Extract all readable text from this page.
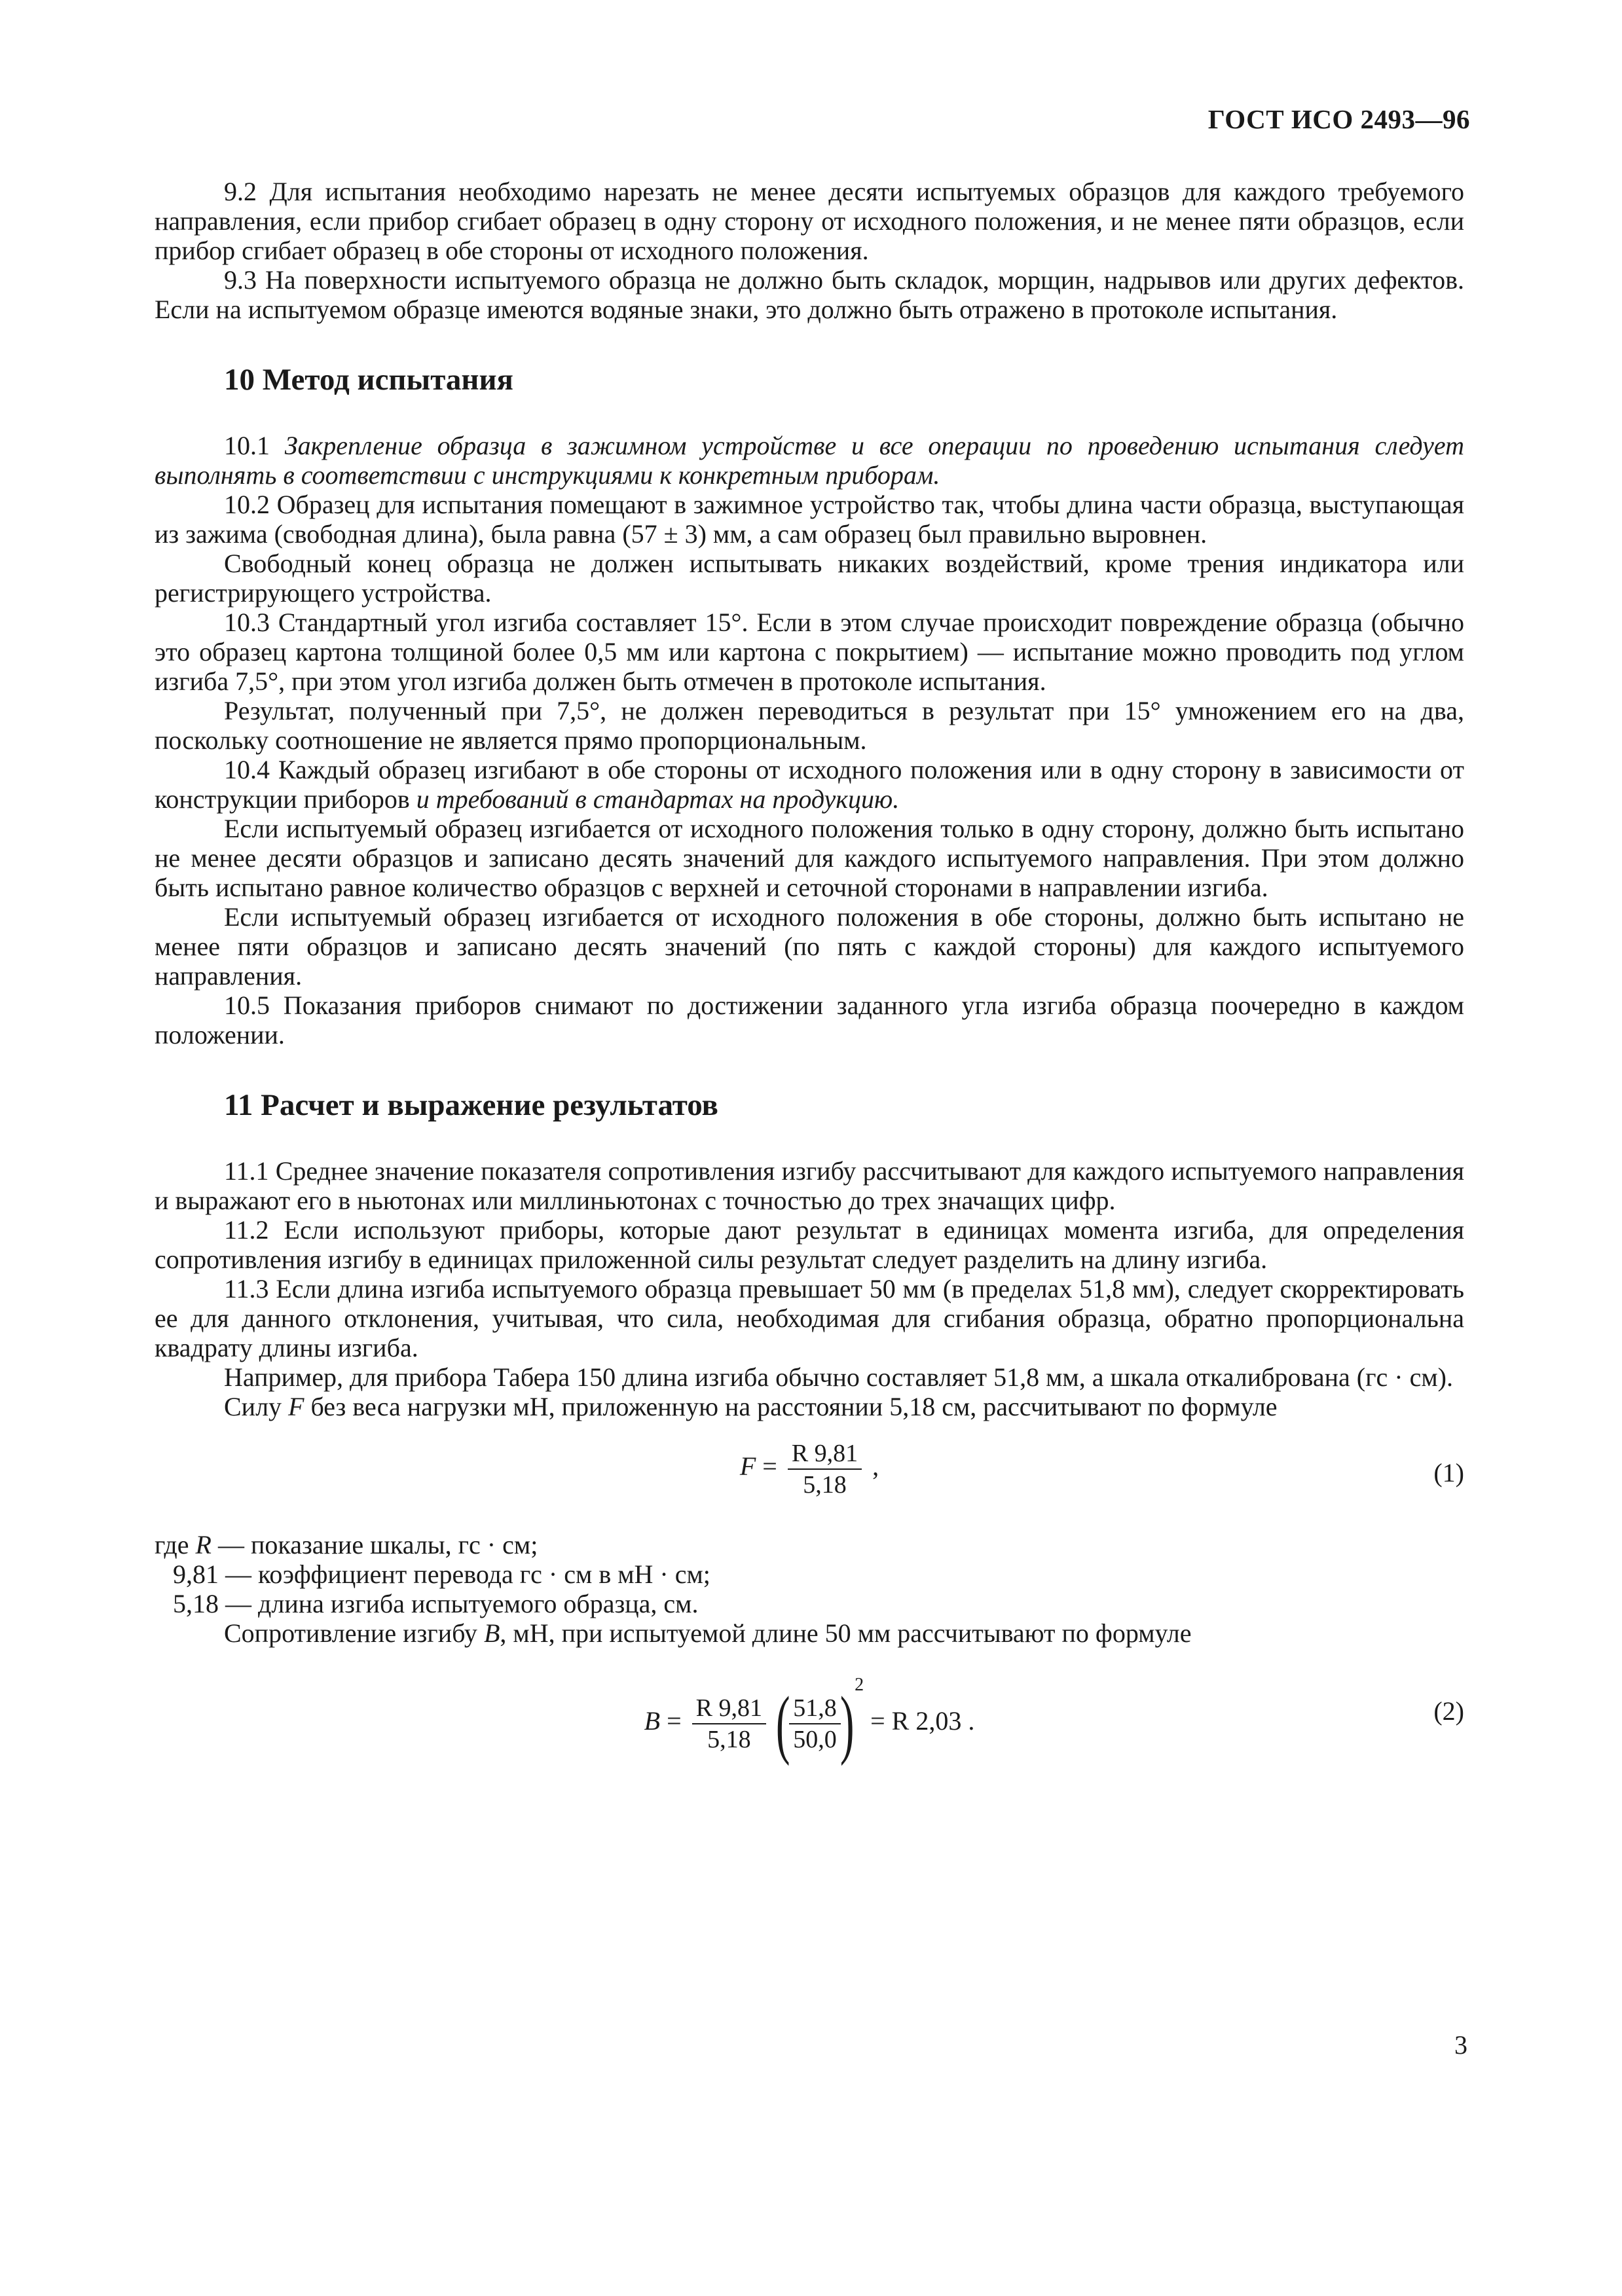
ГОСТ ИСО 2493—96

9.2 Для испытания необходимо нарезать не менее десяти испытуемых образцов для каждого требуемого направления, если прибор сгибает образец в одну сторону от исходного положения, и не менее пяти образцов, если прибор сгибает образец в обе стороны от исходного положения.

9.3 На поверхности испытуемого образца не должно быть складок, морщин, надрывов или других дефектов. Если на испытуемом образце имеются водяные знаки, это должно быть отражено в протоколе испытания.

10 Метод испытания

10.1 Закрепление образца в зажимном устройстве и все операции по проведению испытания следует выполнять в соответствии с инструкциями к конкретным приборам.

10.2 Образец для испытания помещают в зажимное устройство так, чтобы длина части образца, выступающая из зажима (свободная длина), была равна (57 ± 3) мм, а сам образец был правильно выровнен.

Свободный конец образца не должен испытывать никаких воздействий, кроме трения индикатора или регистрирующего устройства.

10.3 Стандартный угол изгиба составляет 15°. Если в этом случае происходит повреждение образца (обычно это образец картона толщиной более 0,5 мм или картона с покрытием) — испытание можно проводить под углом изгиба 7,5°, при этом угол изгиба должен быть отмечен в протоколе испытания.

Результат, полученный при 7,5°, не должен переводиться в результат при 15° умножением его на два, поскольку соотношение не является прямо пропорциональным.

10.4 Каждый образец изгибают в обе стороны от исходного положения или в одну сторону в зависимости от конструкции приборов и требований в стандартах на продукцию.

Если испытуемый образец изгибается от исходного положения только в одну сторону, должно быть испытано не менее десяти образцов и записано десять значений для каждого испытуемого направления. При этом должно быть испытано равное количество образцов с верхней и сеточной сторонами в направлении изгиба.

Если испытуемый образец изгибается от исходного положения в обе стороны, должно быть испытано не менее пяти образцов и записано десять значений (по пять с каждой стороны) для каждого испытуемого направления.

10.5 Показания приборов снимают по достижении заданного угла изгиба образца поочередно в каждом положении.

11 Расчет и выражение результатов

11.1 Среднее значение показателя сопротивления изгибу рассчитывают для каждого испытуемого направления и выражают его в ньютонах или миллиньютонах с точностью до трех значащих цифр.

11.2 Если используют приборы, которые дают результат в единицах момента изгиба, для определения сопротивления изгибу в единицах приложенной силы результат следует разделить на длину изгиба.

11.3 Если длина изгиба испытуемого образца превышает 50 мм (в пределах 51,8 мм), следует скорректировать ее для данного отклонения, учитывая, что сила, необходимая для сгибания образца, обратно пропорциональна квадрату длины изгиба.

Например, для прибора Табера 150 длина изгиба обычно составляет 51,8 мм, а шкала откалибрована (гс · см).

Силу F без веса нагрузки мН, приложенную на расстоянии 5,18 см, рассчитывают по формуле

$F = \frac{R 9,81}{5,18}$ ,	(1)
где R — показание шкалы, гс · см;
9,81 — коэффициент перевода гс · см в мН · см;
5,18 — длина изгиба испытуемого образца, см.

Сопротивление изгибу B, мН, при испытуемой длине 50 мм рассчитывают по формуле

$B = \frac{R 9,81}{5,18}$ (
$\frac{51,8}{50,0}$
)$^2$ = R 2,03 .	(2)
3
